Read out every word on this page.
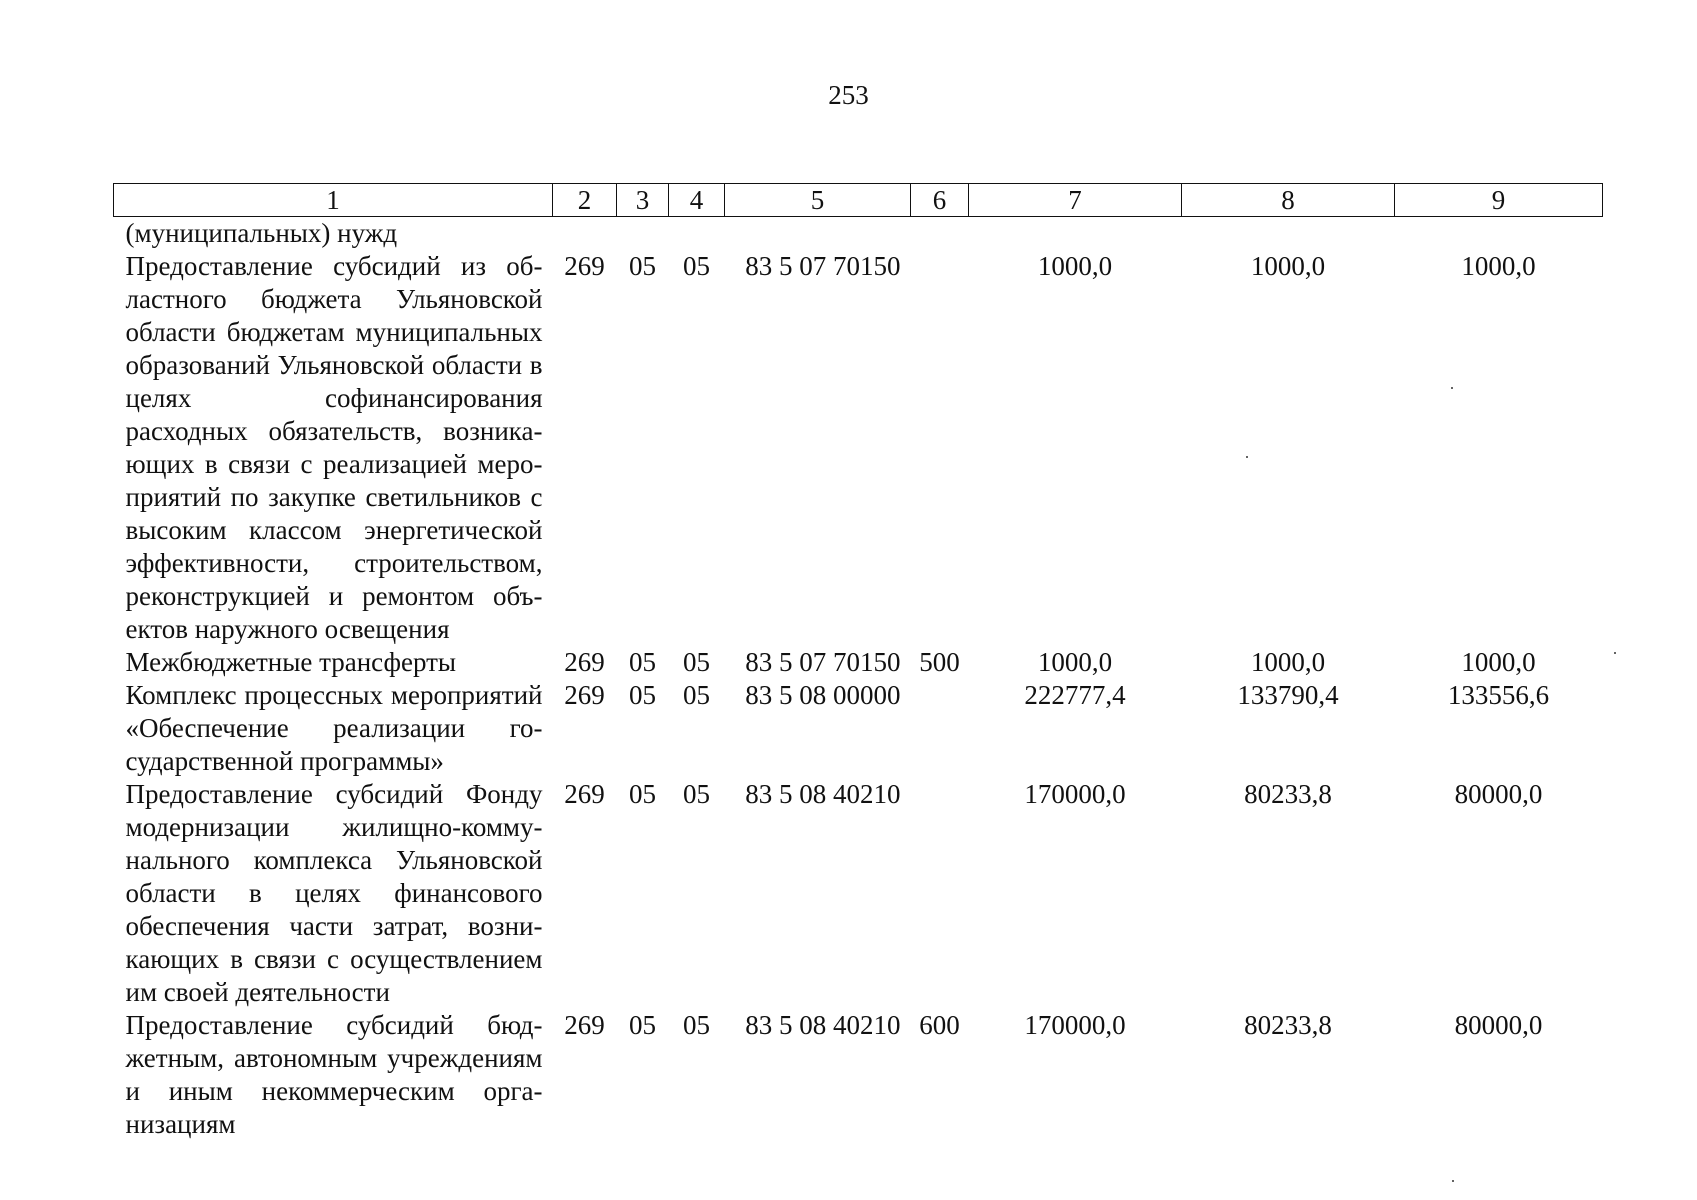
253
1	2	3	4	5	6	7	8	9
(муниципальных) нужд								
Предоставление субсидий из областного бюджета Ульяновской области бюджетам муниципальных образований Ульяновской области в целях софинансирования расходных обязательств, возникающих в связи с реализацией мероприятий по закупке светильников с высоким классом энергетической эффективности, строительством, реконструкцией и ремонтом объектов наружного освещения	269	05	05	83 5 07 70150		1000,0	1000,0	1000,0
Межбюджетные трансферты	269	05	05	83 5 07 70150	500	1000,0	1000,0	1000,0
Комплекс процессных мероприятий «Обеспечение реализации государственной программы»	269	05	05	83 5 08 00000		222777,4	133790,4	133556,6
Предоставление субсидий Фонду модернизации жилищно-коммунального комплекса Ульяновской области в целях финансового обеспечения части затрат, возникающих в связи с осуществлением им своей деятельности	269	05	05	83 5 08 40210		170000,0	80233,8	80000,0
Предоставление субсидий бюджетным, автономным учреждениям и иным некоммерческим организациям	269	05	05	83 5 08 40210	600	170000,0	80233,8	80000,0
